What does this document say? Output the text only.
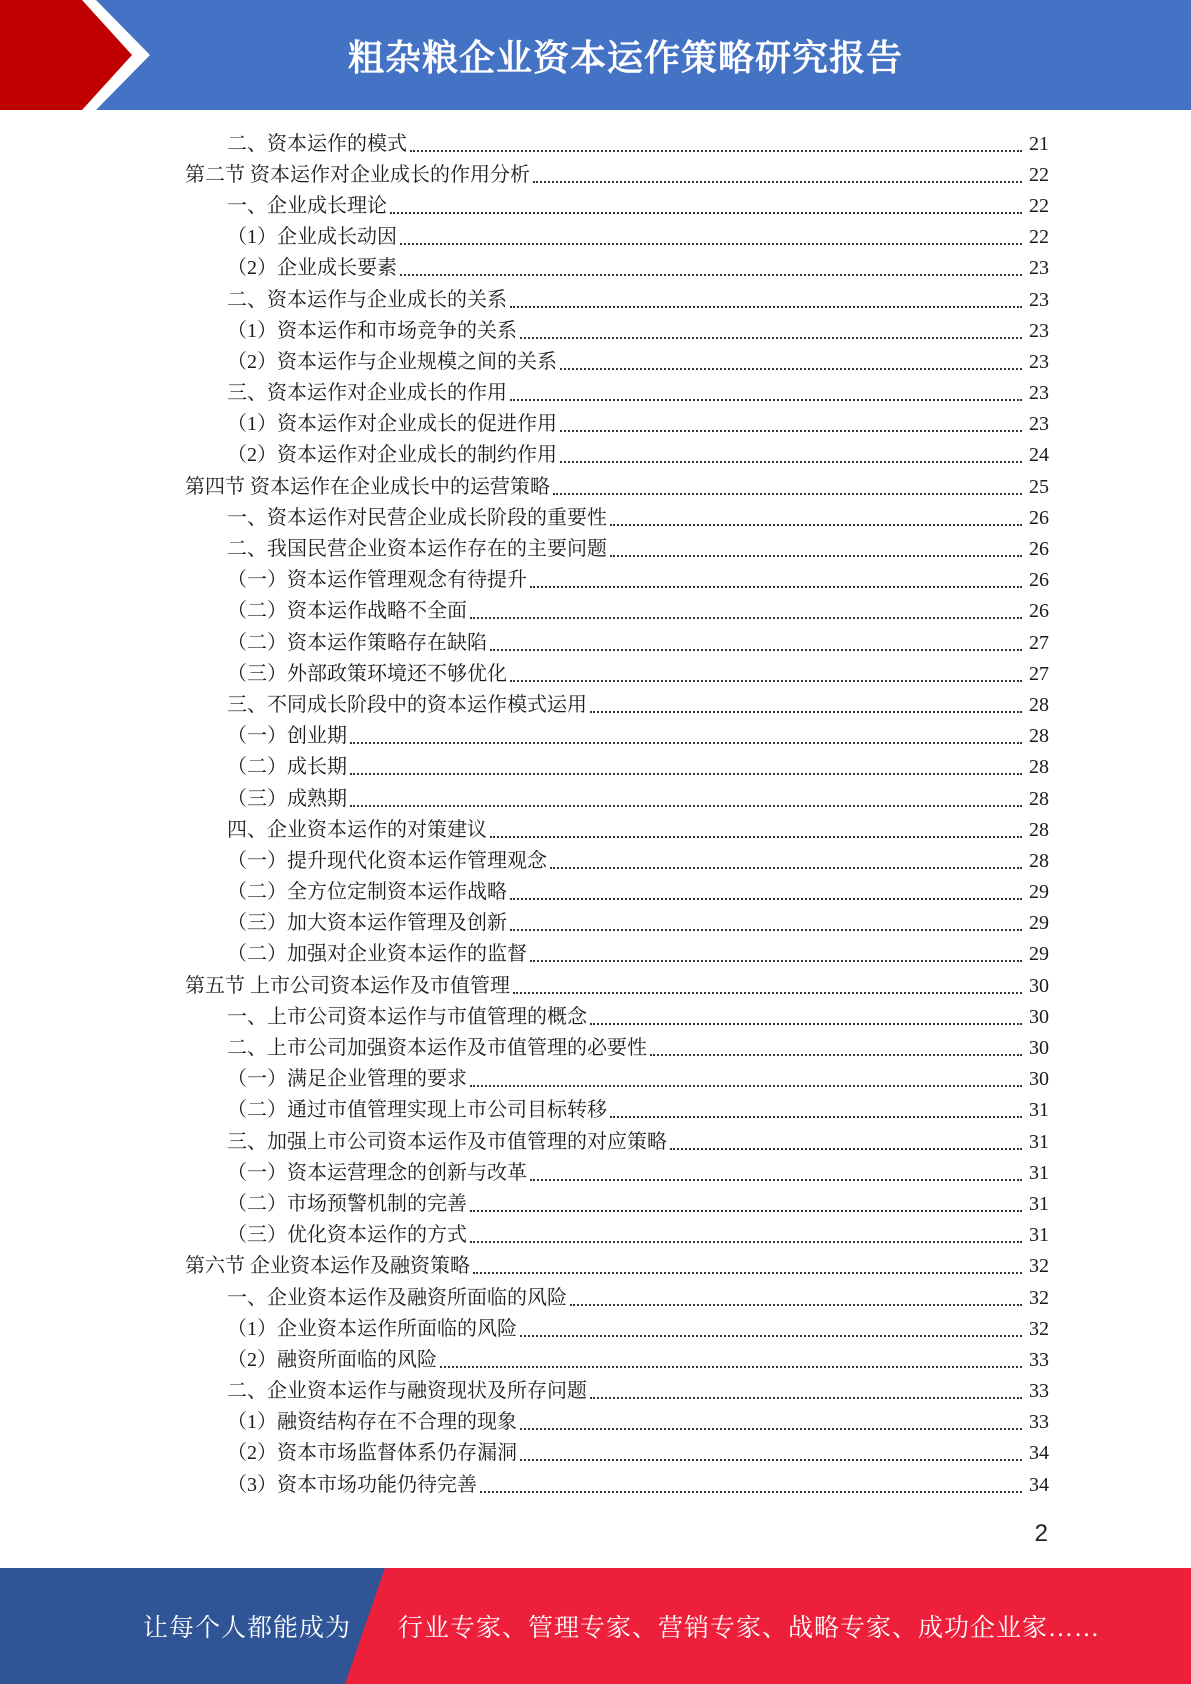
粗杂粮企业资本运作策略研究报告
二、资本运作的模式	21
第二节 资本运作对企业成长的作用分析	22
一、企业成长理论	22
（1）企业成长动因	22
（2）企业成长要素	23
二、资本运作与企业成长的关系	23
（1）资本运作和市场竞争的关系	23
（2）资本运作与企业规模之间的关系	23
三、资本运作对企业成长的作用	23
（1）资本运作对企业成长的促进作用	23
（2）资本运作对企业成长的制约作用	24
第四节 资本运作在企业成长中的运营策略	25
一、资本运作对民营企业成长阶段的重要性	26
二、我国民营企业资本运作存在的主要问题	26
（一）资本运作管理观念有待提升	26
（二）资本运作战略不全面	26
（二）资本运作策略存在缺陷	27
（三）外部政策环境还不够优化	27
三、不同成长阶段中的资本运作模式运用	28
（一）创业期	28
（二）成长期	28
（三）成熟期	28
四、企业资本运作的对策建议	28
（一）提升现代化资本运作管理观念	28
（二）全方位定制资本运作战略	29
（三）加大资本运作管理及创新	29
（二）加强对企业资本运作的监督	29
第五节 上市公司资本运作及市值管理	30
一、上市公司资本运作与市值管理的概念	30
二、上市公司加强资本运作及市值管理的必要性	30
（一）满足企业管理的要求	30
（二）通过市值管理实现上市公司目标转移	31
三、加强上市公司资本运作及市值管理的对应策略	31
（一）资本运营理念的创新与改革	31
（二）市场预警机制的完善	31
（三）优化资本运作的方式	31
第六节 企业资本运作及融资策略	32
一、企业资本运作及融资所面临的风险	32
（1）企业资本运作所面临的风险	32
（2）融资所面临的风险	33
二、企业资本运作与融资现状及所存问题	33
（1）融资结构存在不合理的现象	33
（2）资本市场监督体系仍存漏洞	34
（3）资本市场功能仍待完善	34
2
让每个人都能成为 行业专家、管理专家、营销专家、战略专家、成功企业家……
